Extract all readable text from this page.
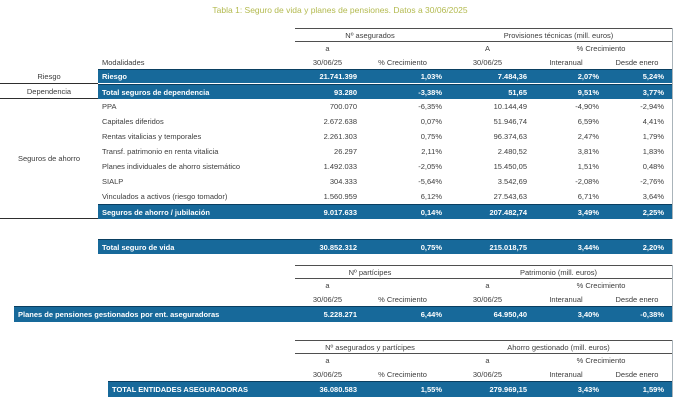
Tabla 1: Seguro de vida y planes de pensiones. Datos a 30/06/2025
Nº asegurados	Provisiones técnicas (mill. euros)
a	A	% Crecimiento
Modalidades	30/06/25	% Crecimiento	30/06/25	Interanual	Desde enero
Riesgo	Riesgo	21.741.399	1,03%	7.484,36	2,07%	5,24%
Dependencia	Total seguros de dependencia	93.280	-3,38%	51,65	9,51%	3,77%
Seguros de ahorro
PPA	700.070	-6,35%	10.144,49	-4,90%	-2,94%
Capitales diferidos	2.672.638	0,07%	51.946,74	6,59%	4,41%
Rentas vitalicias y temporales	2.261.303	0,75%	96.374,63	2,47%	1,79%
Transf. patrimonio en renta vitalicia	26.297	2,11%	2.480,52	3,81%	1,83%
Planes individuales de ahorro sistemático	1.492.033	-2,05%	15.450,05	1,51%	0,48%
SIALP	304.333	-5,64%	3.542,69	-2,08%	-2,76%
Vinculados a activos (riesgo tomador)	1.560.959	6,12%	27.543,63	6,71%	3,64%
Seguros de ahorro / jubilación	9.017.633	0,14%	207.482,74	3,49%	2,25%
Total seguro de vida	30.852.312	0,75%	215.018,75	3,44%	2,20%
Nº partícipes	Patrimonio (mill. euros)
a	a	% Crecimiento
30/06/25	% Crecimiento	30/06/25	Interanual	Desde enero
Planes de pensiones gestionados por ent. aseguradoras	5.228.271	6,44%	64.950,40	3,40%	-0,38%
Nº asegurados y partícipes	Ahorro gestionado (mill. euros)
a	a	% Crecimiento
30/06/25	% Crecimiento	30/06/25	Interanual	Desde enero
TOTAL ENTIDADES ASEGURADORAS	36.080.583	1,55%	279.969,15	3,43%	1,59%
